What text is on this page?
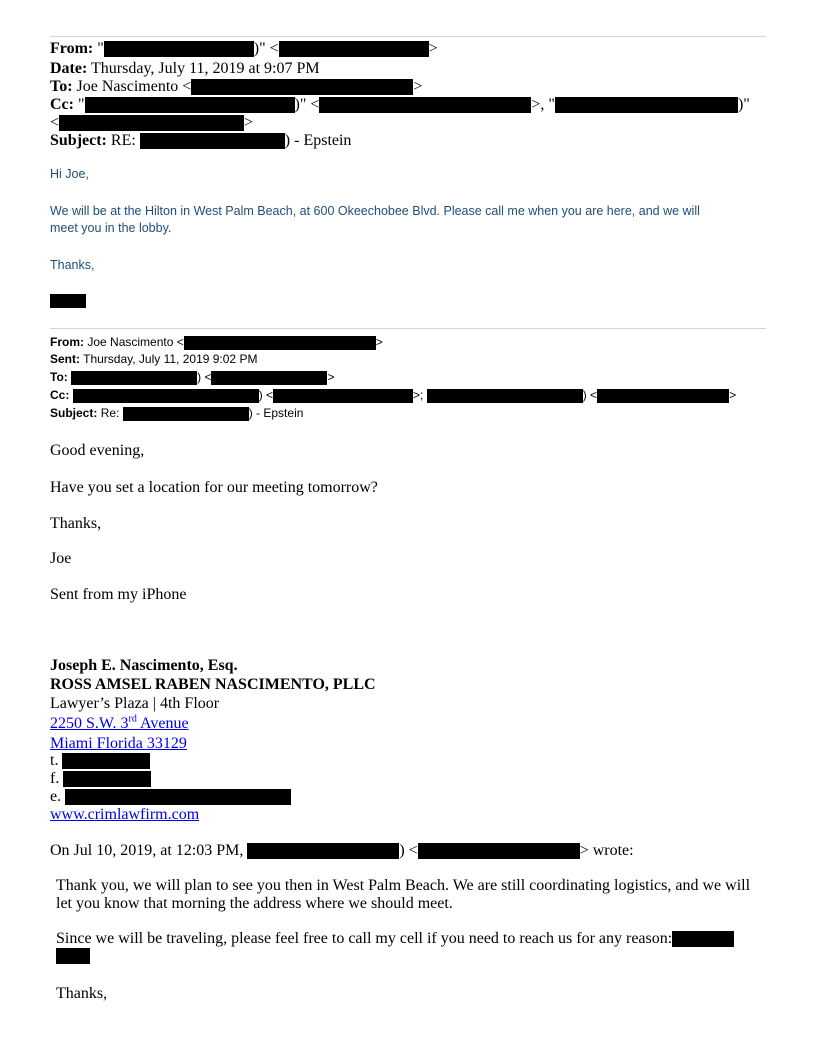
From: "	)" <	>
Date: Thursday, July 11, 2019 at 9:07 PM
To: Joe Nascimento <	>
Cc: "	)" <	>, "	)"
<	>
Subject: RE:	) - Epstein
Hi Joe,
We will be at the Hilton in West Palm Beach, at 600 Okeechobee Blvd. Please call me when you are here, and we will
meet you in the lobby.
Thanks,
From: Joe Nascimento <	>
Sent: Thursday, July 11, 2019 9:02 PM
To:	) <	>
Cc:	) <	>;	) <	>
Subject: Re:	) - Epstein
Good evening,
Have you set a location for our meeting tomorrow?
Thanks,
Joe
Sent from my iPhone
Joseph E. Nascimento, Esq.
ROSS AMSEL RABEN NASCIMENTO, PLLC
Lawyer’s Plaza | 4th Floor
2250 S.W. 3rd Avenue
Miami Florida 33129
t.
f.
e.
www.crimlawfirm.com
On Jul 10, 2019, at 12:03 PM,	) <	> wrote:
Thank you, we will plan to see you then in West Palm Beach. We are still coordinating logistics, and we will
let you know that morning the address where we should meet.
Since we will be traveling, please feel free to call my cell if you need to reach us for any reason:
Thanks,
